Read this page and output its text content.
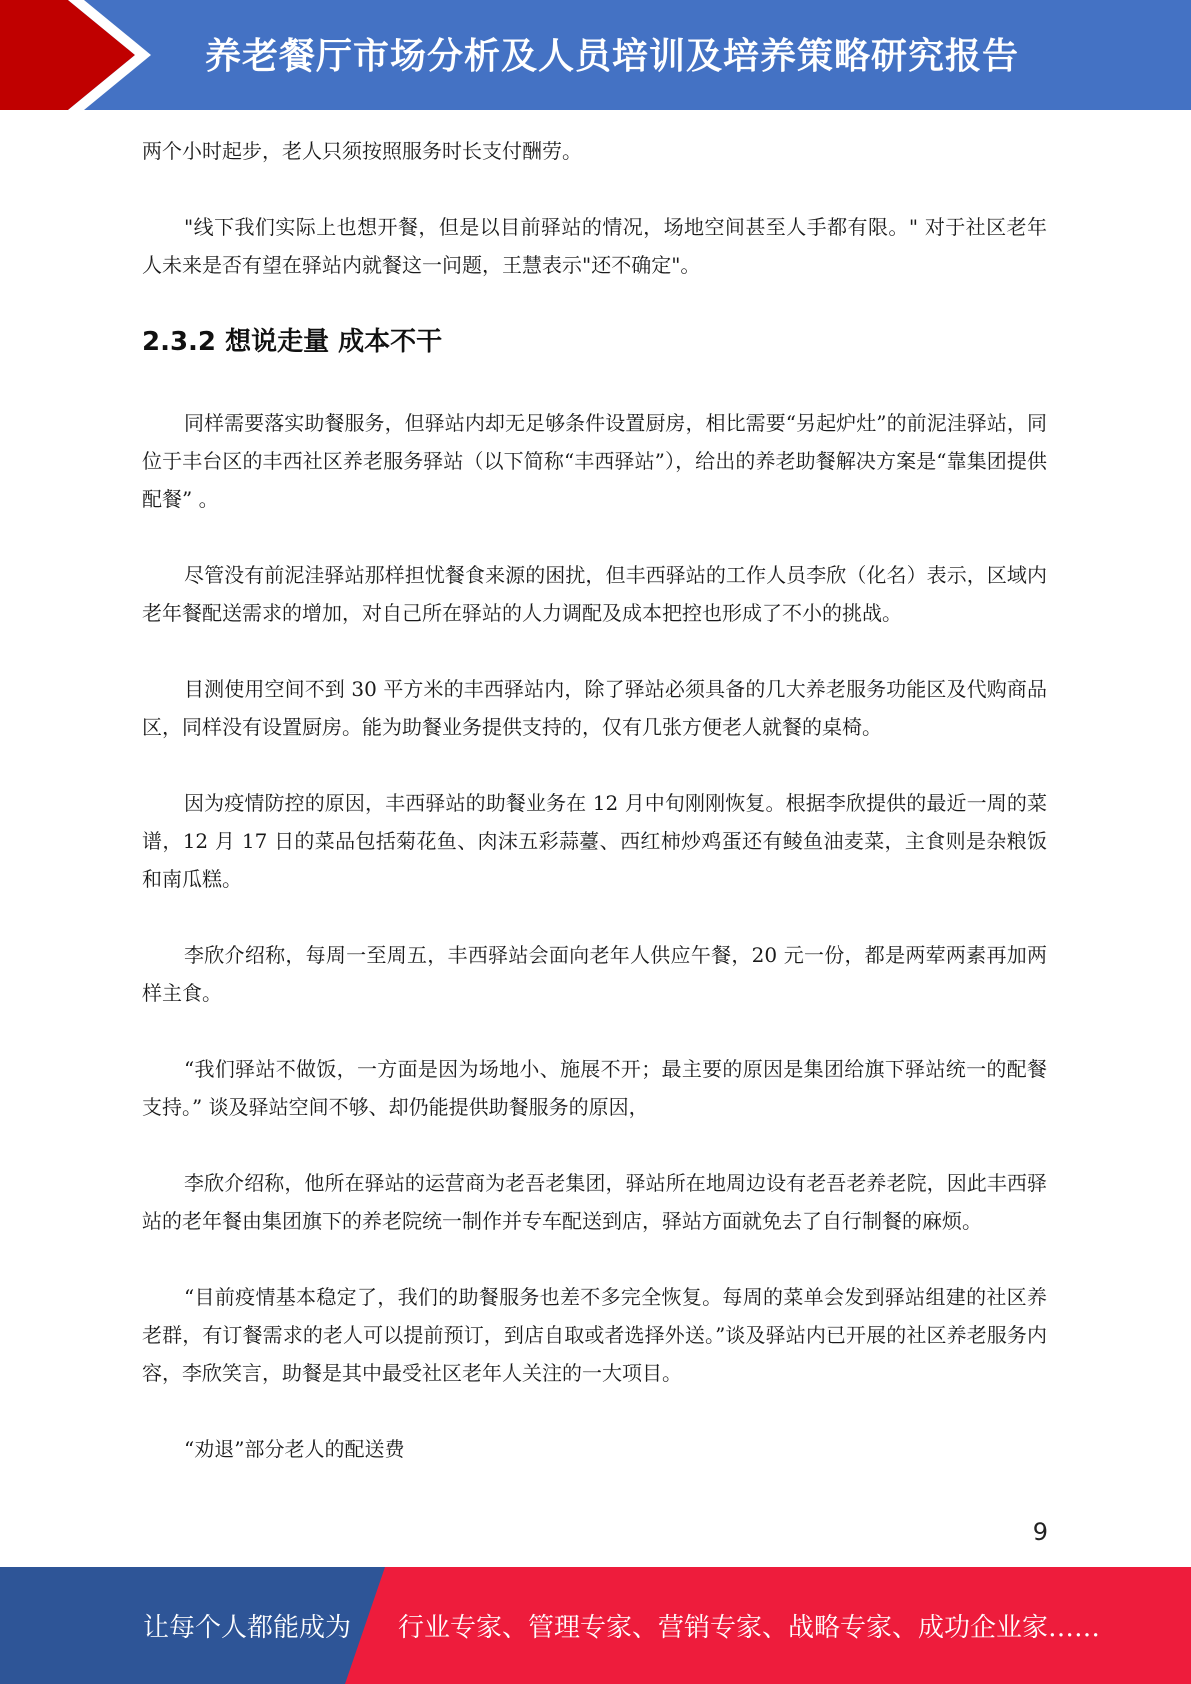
养老餐厅市场分析及人员培训及培养策略研究报告

两个小时起步，老人只须按照服务时长支付酬劳。

"线下我们实际上也想开餐，但是以目前驿站的情况，场地空间甚至人手都有限。" 对于社区老年人未来是否有望在驿站内就餐这一问题，王慧表示"还不确定"。

2.3.2 想说走量 成本不干

同样需要落实助餐服务，但驿站内却无足够条件设置厨房，相比需要“另起炉灶”的前泥洼驿站，同位于丰台区的丰西社区养老服务驿站（以下简称“丰西驿站”），给出的养老助餐解决方案是“靠集团提供配餐” 。

尽管没有前泥洼驿站那样担忧餐食来源的困扰，但丰西驿站的工作人员李欣（化名）表示，区域内老年餐配送需求的增加，对自己所在驿站的人力调配及成本把控也形成了不小的挑战。

目测使用空间不到 30 平方米的丰西驿站内，除了驿站必须具备的几大养老服务功能区及代购商品区，同样没有设置厨房。能为助餐业务提供支持的，仅有几张方便老人就餐的桌椅。

因为疫情防控的原因，丰西驿站的助餐业务在 12 月中旬刚刚恢复。根据李欣提供的最近一周的菜谱，12 月 17 日的菜品包括菊花鱼、肉沫五彩蒜薹、西红柿炒鸡蛋还有鲮鱼油麦菜，主食则是杂粮饭和南瓜糕。

李欣介绍称，每周一至周五，丰西驿站会面向老年人供应午餐，20 元一份，都是两荤两素再加两样主食。

“我们驿站不做饭，一方面是因为场地小、施展不开；最主要的原因是集团给旗下驿站统一的配餐支持。” 谈及驿站空间不够、却仍能提供助餐服务的原因，

李欣介绍称，他所在驿站的运营商为老吾老集团，驿站所在地周边设有老吾老养老院，因此丰西驿站的老年餐由集团旗下的养老院统一制作并专车配送到店，驿站方面就免去了自行制餐的麻烦。

“目前疫情基本稳定了，我们的助餐服务也差不多完全恢复。每周的菜单会发到驿站组建的社区养老群，有订餐需求的老人可以提前预订，到店自取或者选择外送。”谈及驿站内已开展的社区养老服务内容，李欣笑言，助餐是其中最受社区老年人关注的一大项目。

“劝退”部分老人的配送费

9
让每个人都能成为 行业专家、管理专家、营销专家、战略专家、成功企业家……
